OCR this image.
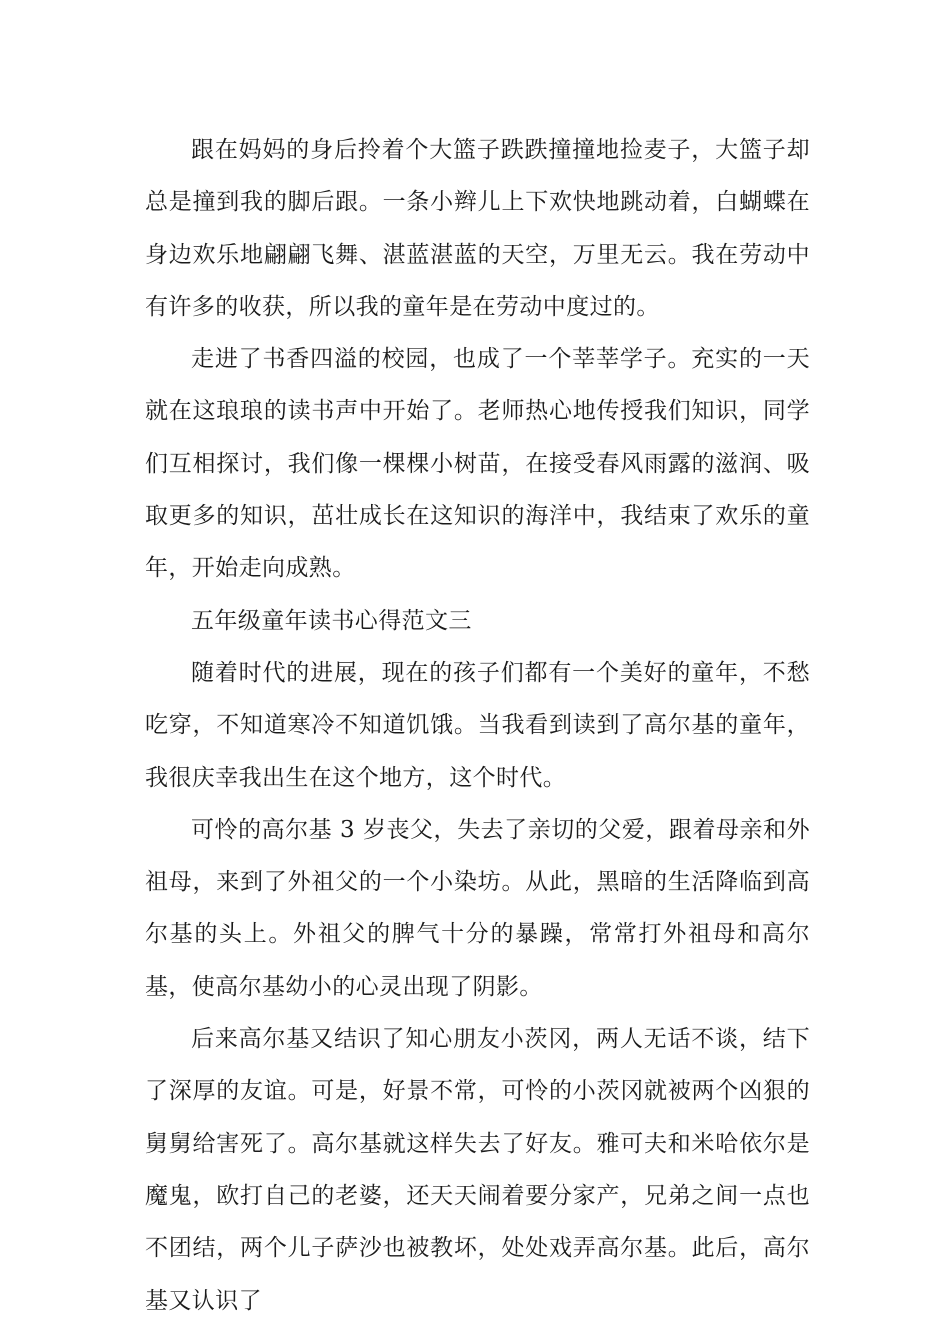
跟在妈妈的身后拎着个大篮子跌跌撞撞地捡麦子，大篮子却总是撞到我的脚后跟。一条小辫儿上下欢快地跳动着，白蝴蝶在身边欢乐地翩翩飞舞、湛蓝湛蓝的天空，万里无云。我在劳动中有许多的收获，所以我的童年是在劳动中度过的。

走进了书香四溢的校园，也成了一个莘莘学子。充实的一天就在这琅琅的读书声中开始了。老师热心地传授我们知识，同学们互相探讨，我们像一棵棵小树苗，在接受春风雨露的滋润、吸取更多的知识，茁壮成长在这知识的海洋中，我结束了欢乐的童年，开始走向成熟。

五年级童年读书心得范文三

随着时代的进展，现在的孩子们都有一个美好的童年，不愁吃穿，不知道寒冷不知道饥饿。当我看到读到了高尔基的童年，我很庆幸我出生在这个地方，这个时代。

可怜的高尔基 3 岁丧父，失去了亲切的父爱，跟着母亲和外祖母，来到了外祖父的一个小染坊。从此，黑暗的生活降临到高尔基的头上。外祖父的脾气十分的暴躁，常常打外祖母和高尔基，使高尔基幼小的心灵出现了阴影。

后来高尔基又结识了知心朋友小茨冈，两人无话不谈，结下了深厚的友谊。可是，好景不常，可怜的小茨冈就被两个凶狠的舅舅给害死了。高尔基就这样失去了好友。雅可夫和米哈依尔是魔鬼，欧打自己的老婆，还天天闹着要分家产，兄弟之间一点也不团结，两个儿子萨沙也被教坏，处处戏弄高尔基。此后，高尔基又认识了
